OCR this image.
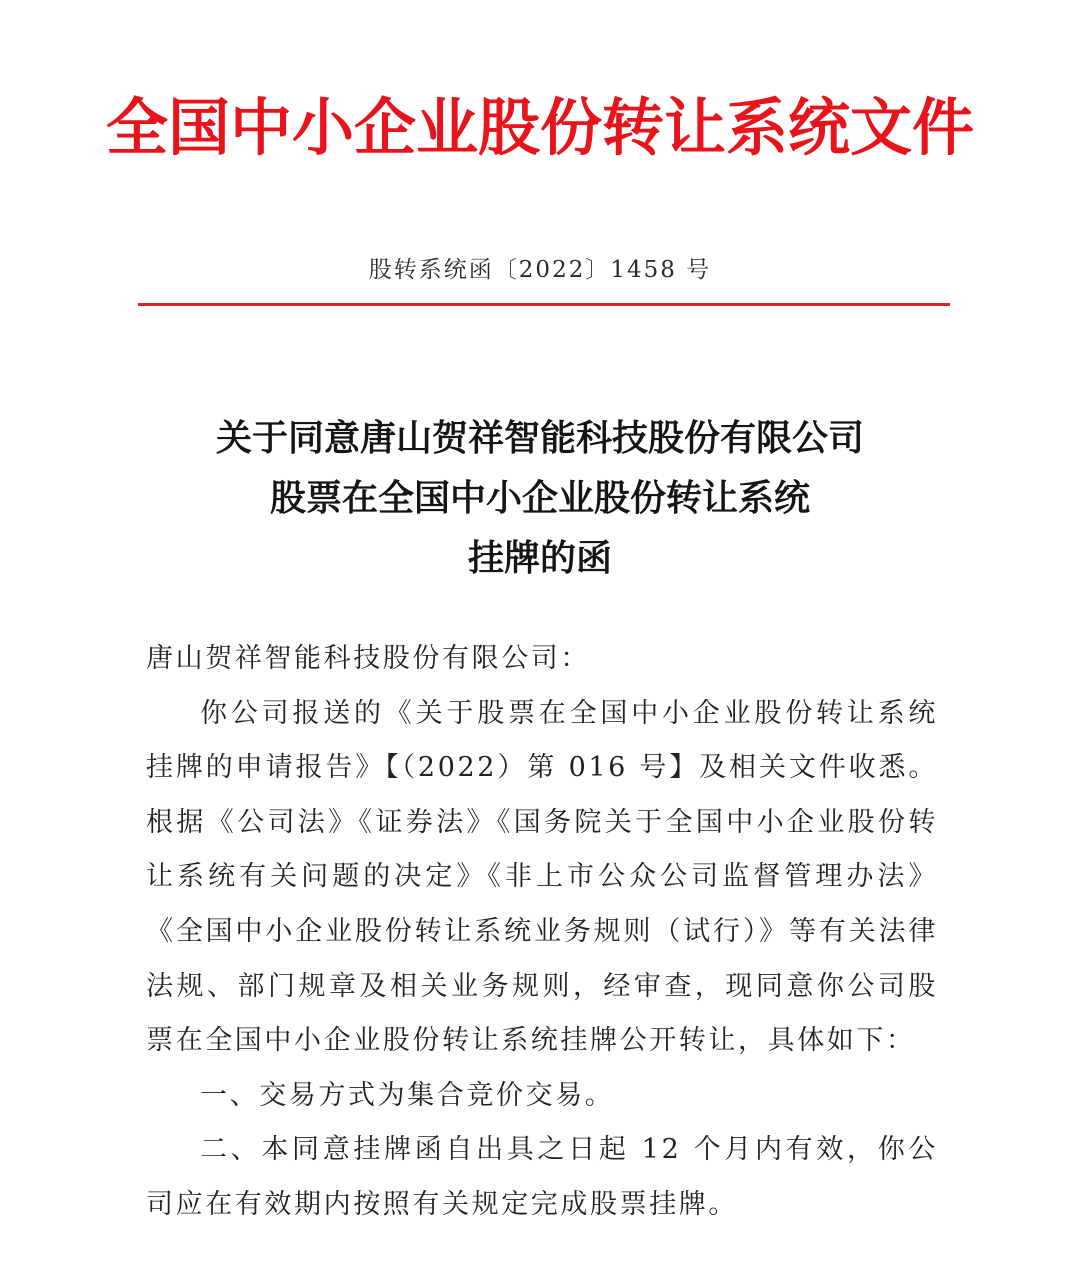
全国中小企业股份转让系统文件
股转系统函〔2022〕1458 号
关于同意唐山贺祥智能科技股份有限公司
股票在全国中小企业股份转让系统
挂牌的函

唐山贺祥智能科技股份有限公司：

你公司报送的《关于股票在全国中小企业股份转让系统挂牌的申请报告》【（2022）第 016 号】及相关文件收悉。根据《公司法》《证券法》《国务院关于全国中小企业股份转让系统有关问题的决定》《非上市公众公司监督管理办法》《全国中小企业股份转让系统业务规则（试行）》等有关法律法规、部门规章及相关业务规则，经审查，现同意你公司股票在全国中小企业股份转让系统挂牌公开转让，具体如下：

一、交易方式为集合竞价交易。

二、本同意挂牌函自出具之日起 12 个月内有效，你公司应在有效期内按照有关规定完成股票挂牌。
